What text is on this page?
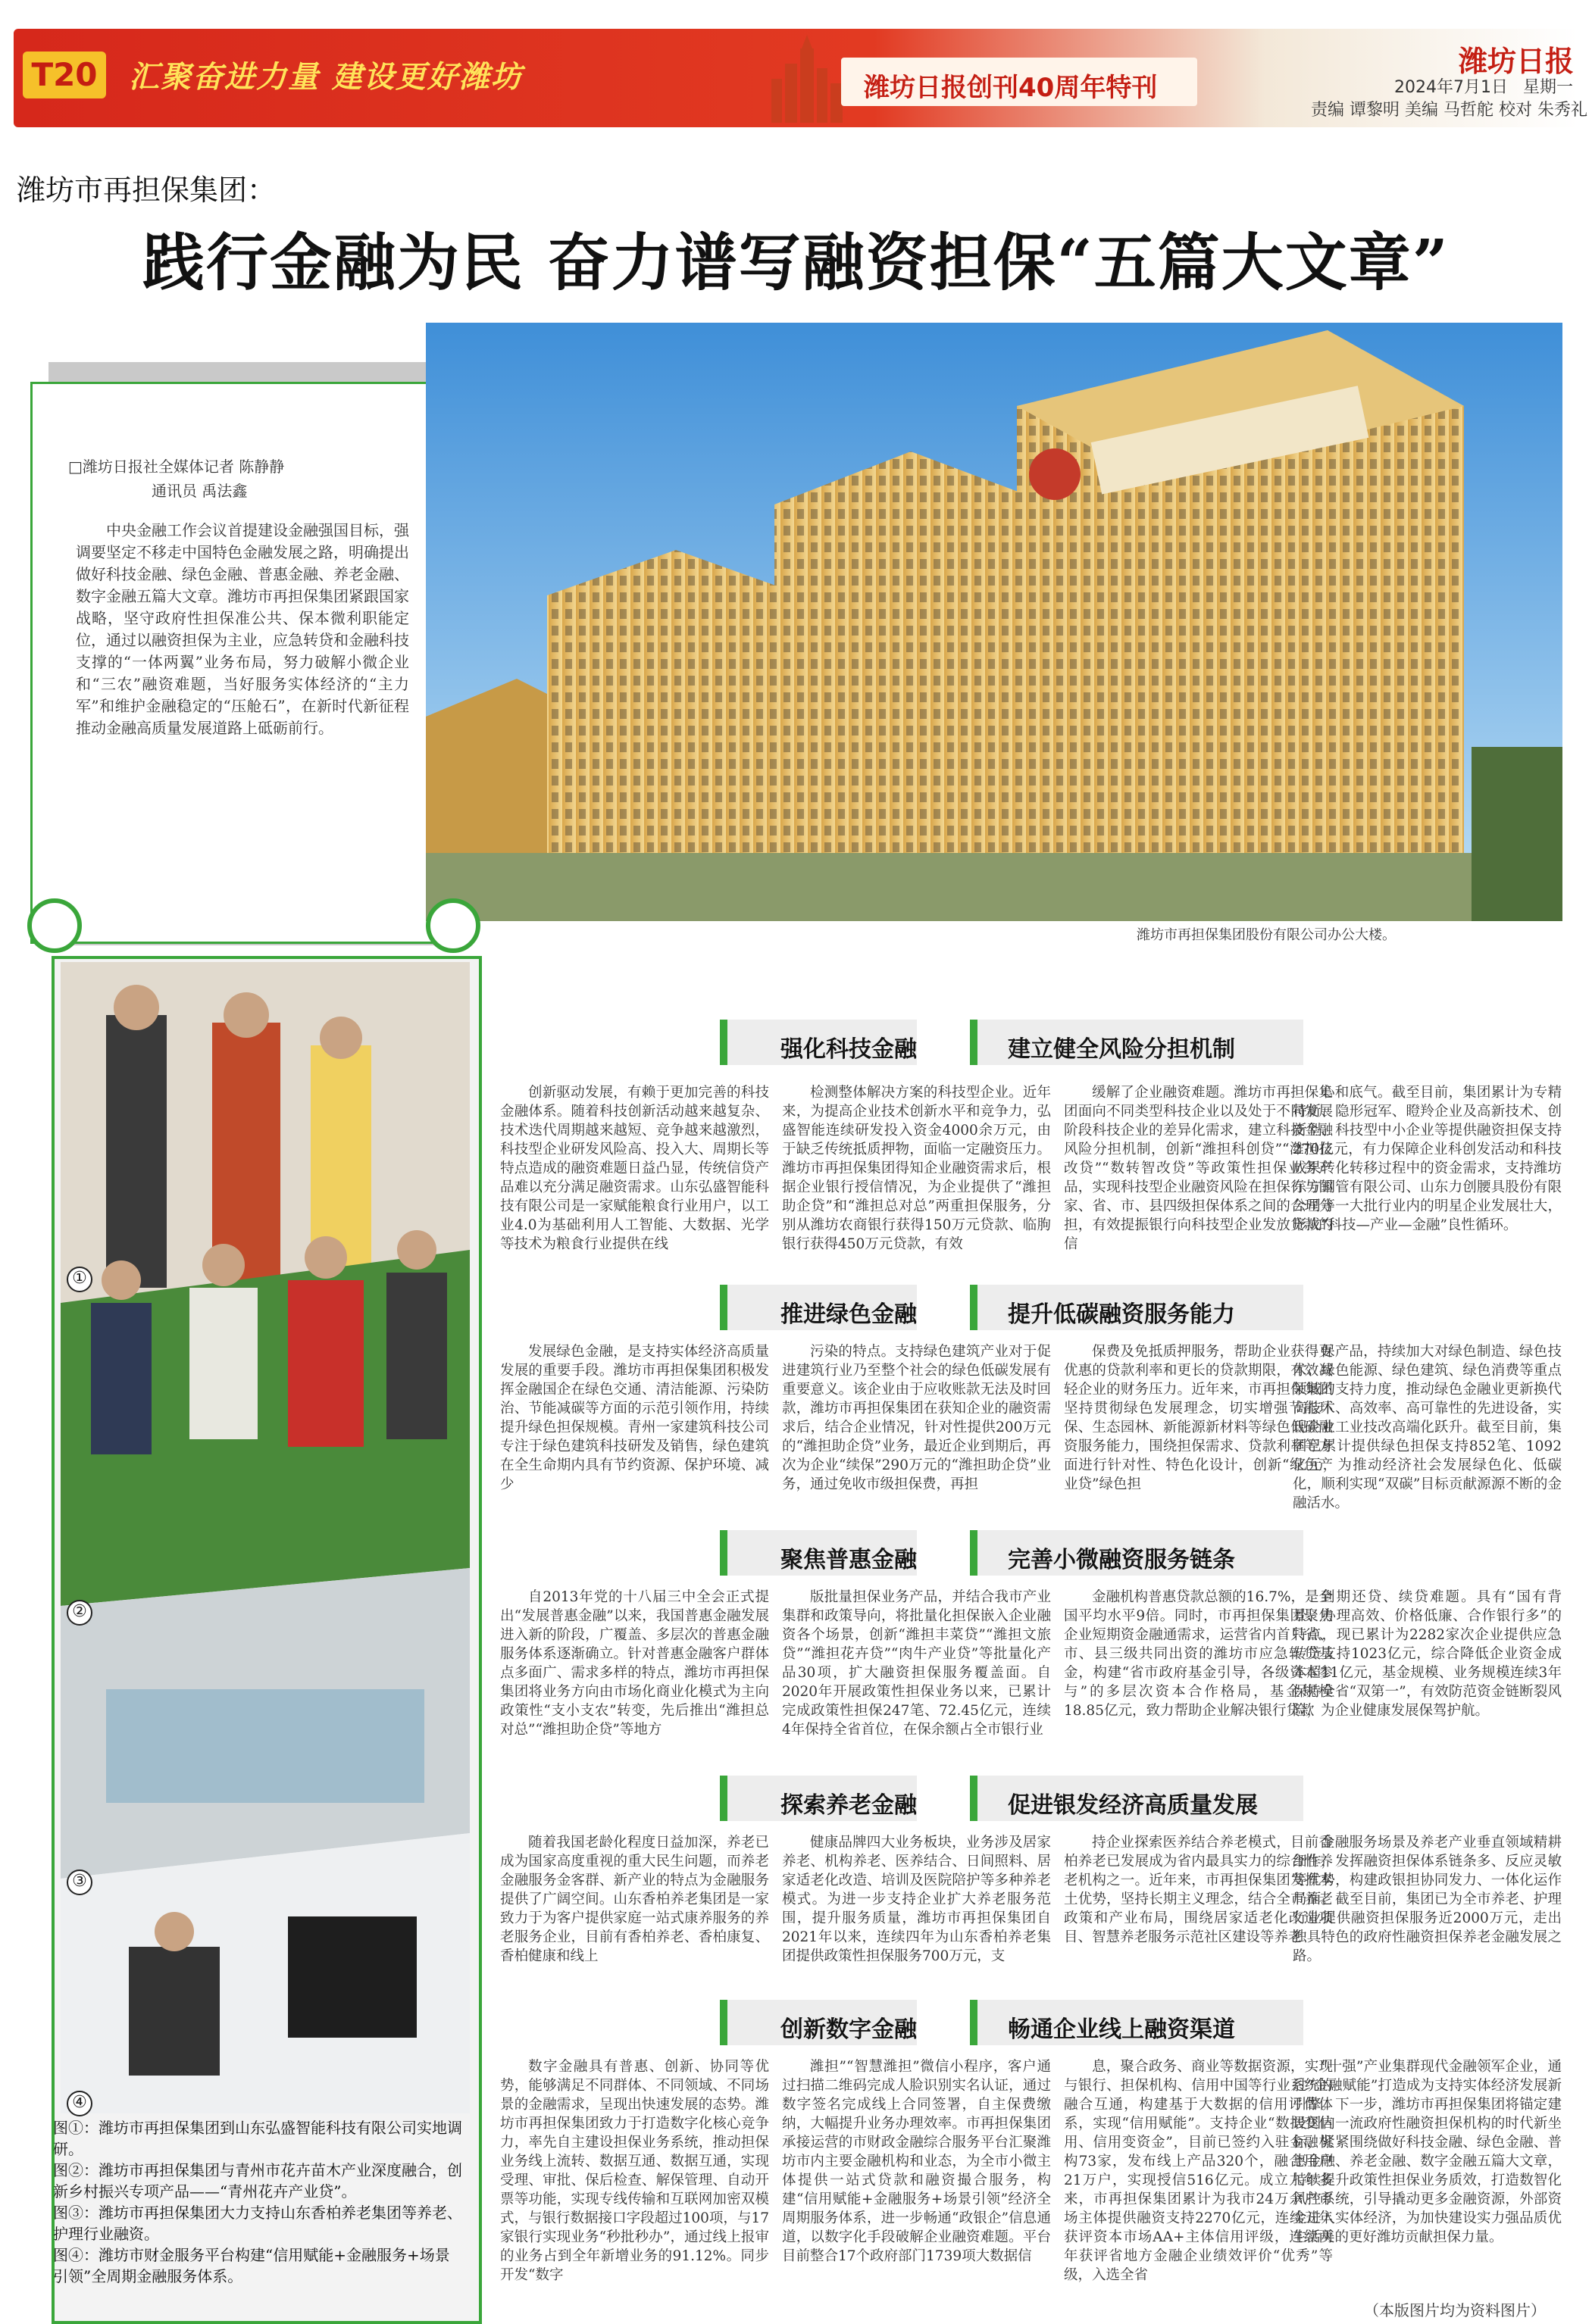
T20 汇聚奋进力量 建设更好潍坊	潍坊日报创刊40周年特刊
潍坊日报
2024年7月1日 星期一
责编 谭黎明 美编 马哲舵 校对 朱秀礼
潍坊市再担保集团：
践行金融为民 奋力谱写融资担保“五篇大文章”
□潍坊日报社全媒体记者 陈静静
通讯员 禹法鑫
中央金融工作会议首提建设金融强国目标，强调要坚定不移走中国特色金融发展之路，明确提出做好科技金融、绿色金融、普惠金融、养老金融、数字金融五篇大文章。潍坊市再担保集团紧跟国家战略，坚守政府性担保准公共、保本微利职能定位，通过以融资担保为主业，应急转贷和金融科技支撑的“一体两翼”业务布局，努力破解小微企业和“三农”融资难题，当好服务实体经济的“主力军”和维护金融稳定的“压舱石”，在新时代新征程推动金融高质量发展道路上砥砺前行。
潍坊市再担保集团股份有限公司办公大楼。
①
②
③
④
图①：潍坊市再担保集团到山东弘盛智能科技有限公司实地调研。
图②：潍坊市再担保集团与青州市花卉苗木产业深度融合，创新乡村振兴专项产品——“青州花卉产业贷”。
图③：潍坊市再担保集团大力支持山东香柏养老集团等养老、护理行业融资。
图④：潍坊市财金服务平台构建“信用赋能+金融服务+场景引领”全周期金融服务体系。
强化科技金融	建立健全风险分担机制
创新驱动发展，有赖于更加完善的科技金融体系。随着科技创新活动越来越复杂、技术迭代周期越来越短、竞争越来越激烈，科技型企业研发风险高、投入大、周期长等特点造成的融资难题日益凸显，传统信贷产品难以充分满足融资需求。山东弘盛智能科技有限公司是一家赋能粮食行业用户，以工业4.0为基础利用人工智能、大数据、光学等技术为粮食行业提供在线
检测整体解决方案的科技型企业。近年来，为提高企业技术创新水平和竞争力，弘盛智能连续研发投入资金4000余万元，由于缺乏传统抵质押物，面临一定融资压力。潍坊市再担保集团得知企业融资需求后，根据企业银行授信情况，为企业提供了“潍担助企贷”和“潍担总对总”两重担保服务，分别从潍坊农商银行获得150万元贷款、临朐银行获得450万元贷款，有效
缓解了企业融资难题。潍坊市再担保集团面向不同类型科技企业以及处于不同发展阶段科技企业的差异化需求，建立科技金融风险分担机制，创新“潍担科创贷”“潍担技改贷”“数转智改贷”等政策性担保业务产品，实现科技型企业融资风险在担保行与国家、省、市、县四级担保体系之间的合理分担，有效提振银行向科技型企业发放贷款的信
心和底气。截至目前，集团累计为专精特新、隐形冠军、瞪羚企业及高新技术、创新型、科技型中小企业等提供融资担保支持270亿元，有力保障企业科创发活动和科技成果转化转移过程中的资金需求，支持潍坊东方钢管有限公司、山东力创腰具股份有限公司等一大批行业内的明星企业发展壮大，形成“科技—产业—金融”良性循环。
推进绿色金融	提升低碳融资服务能力
发展绿色金融，是支持实体经济高质量发展的重要手段。潍坊市再担保集团积极发挥金融国企在绿色交通、清洁能源、污染防治、节能减碳等方面的示范引领作用，持续提升绿色担保规模。青州一家建筑科技公司专注于绿色建筑科技研发及销售，绿色建筑在全生命期内具有节约资源、保护环境、减少
污染的特点。支持绿色建筑产业对于促进建筑行业乃至整个社会的绿色低碳发展有重要意义。该企业由于应收账款无法及时回款，潍坊市再担保集团在获知企业的融资需求后，结合企业情况，针对性提供200万元的“潍担助企贷”业务，最近企业到期后，再次为企业“续保”290万元的“潍担助企贷”业务，通过免收市级担保费，再担
保费及免抵质押服务，帮助企业获得更优惠的贷款利率和更长的贷款期限，有效减轻企业的财务压力。近年来，市再担保集团坚持贯彻绿色发展理念，切实增强节能环保、生态园林、新能源新材料等绿色低碳融资服务能力，围绕担保需求、贷款利率等方面进行针对性、特色化设计，创新“绿色产业贷”绿色担
保产品，持续加大对绿色制造、绿色技术、绿色能源、绿色建筑、绿色消费等重点领域的支持力度，推动绿色金融业更新换代高技术、高效率、高可靠性的先进设备，实现企业工业技改高端化跃升。截至目前，集团已累计提供绿色担保支持852笔、1092亿元，为推动经济社会发展绿色化、低碳化，顺利实现“双碳”目标贡献源源不断的金融活水。
聚焦普惠金融	完善小微融资服务链条
自2013年党的十八届三中全会正式提出“发展普惠金融”以来，我国普惠金融发展进入新的阶段，广覆盖、多层次的普惠金融服务体系逐渐确立。针对普惠金融客户群体点多面广、需求多样的特点，潍坊市再担保集团将业务方向由市场化商业化模式为主向政策性“支小支农”转变，先后推出“潍担总对总”“潍担助企贷”等地方
版批量担保业务产品，并结合我市产业集群和政策导向，将批量化担保嵌入企业融资各个场景，创新“潍担丰菜贷”“潍担文旅贷”“潍担花卉贷”“肉牛产业贷”等批量化产品30项，扩大融资担保服务覆盖面。自2020年开展政策性担保业务以来，已累计完成政策性担保247笔、72.45亿元，连续4年保持全省首位，在保余额占全市银行业
金融机构普惠贷款总额的16.7%，是全国平均水平9倍。同时，市再担保集团聚焦企业短期资金融通需求，运营省内首只省、市、县三级共同出资的潍坊市应急转贷基金，构建“省市政府基金引导，各级资本参与”的多层次资本合作格局，基金规模18.85亿元，致力帮助企业解决银行贷款
到期还贷、续贷难题。具有“国有背景、办理高效、价格低廉、合作银行多”的特点，现已累计为2282家次企业提供应急转贷支持1023亿元，综合降低企业资金成本超11亿元，基金规模、业务规模连续3年保持全省“双第一”，有效防范资金链断裂风险，为企业健康发展保驾护航。
探索养老金融	促进银发经济高质量发展
随着我国老龄化程度日益加深，养老已成为国家高度重视的重大民生问题，而养老金融服务金客群、新产业的特点为金融服务提供了广阔空间。山东香柏养老集团是一家致力于为客户提供家庭一站式康养服务的养老服务企业，目前有香柏养老、香柏康复、香柏健康和线上
健康品牌四大业务板块，业务涉及居家养老、机构养老、医养结合、日间照料、居家适老化改造、培训及医院陪护等多种养老模式。为进一步支持企业扩大养老服务范围，提升服务质量，潍坊市再担保集团自2021年以来，连续四年为山东香柏养老集团提供政策性担保服务700万元，支
持企业探索医养结合养老模式，目前香柏养老已发展成为省内最具实力的综合性养老机构之一。近年来，市再担保集团发挥本土优势，坚持长期主义理念，结合全市养老政策和产业布局，围绕居家适老化改造项目、智慧养老服务示范社区建设等养老
金融服务场景及养老产业垂直领域精耕细作，发挥融资担保体系链条多、反应灵敏等优势，构建政银担协同发力、一体化运作局面。截至目前，集团已为全市养老、护理行业提供融资担保服务近2000万元，走出独具特色的政府性融资担保养老金融发展之路。
创新数字金融	畅通企业线上融资渠道
数字金融具有普惠、创新、协同等优势，能够满足不同群体、不同领域、不同场景的金融需求，呈现出快速发展的态势。潍坊市再担保集团致力于打造数字化核心竞争力，率先自主建设担保业务系统，推动担保业务线上流转、数据互通、数据互通，实现受理、审批、保后检查、解保管理、自动开票等功能，实现专线传输和互联网加密双模式，与银行数据接口字段超过100项，与17家银行实现业务“秒批秒办”，通过线上报审的业务占到全年新增业务的91.12%。同步开发“数字
潍担”“智慧潍担”微信小程序，客户通过扫描二维码完成人脸识别实名认证，通过数字签名完成线上合同签署，自主保费缴纳，大幅提升业务办理效率。市再担保集团承接运营的市财政金融综合服务平台汇聚潍坊市内主要金融机构和业态，为全市小微主体提供一站式贷款和融资撮合服务，构建“信用赋能+金融服务+场景引领”经济全周期服务体系，进一步畅通“政银企”信息通道，以数字化手段破解企业融资难题。平台目前整合17个政府部门1739项大数据信
息，聚合政务、商业等数据资源，实现与银行、担保机构、信用中国等行业系统的融合互通，构建基于大数据的信用评估体系，实现“信用赋能”。支持企业“数据变信用、信用变资金”，目前已签约入驻金融机构73家，发布线上产品320个，融合用户21万户，实现授信516亿元。成立九年多来，市再担保集团累计为我市24万余户市场主体提供融资支持2270亿元，连续五年获评资本市场AA+主体信用评级，连续两年获评省地方金融企业绩效评价“优秀”等级，入选全省
“十强”产业集群现代金融领军企业，通过“金融赋能”打造成为支持实体经济发展新引擎。下一步，潍坊市再担保集团将锚定建设国内一流政府性融资担保机构的时代新坐标，紧紧围绕做好科技金融、绿色金融、普惠金融、养老金融、数字金融五篇大文章，持续提升政策性担保业务质效，打造数智化风控系统，引导撬动更多金融资源，外部资金进入实体经济，为加快建设实力强品质优生活美的更好潍坊贡献担保力量。
（本版图片均为资料图片）
